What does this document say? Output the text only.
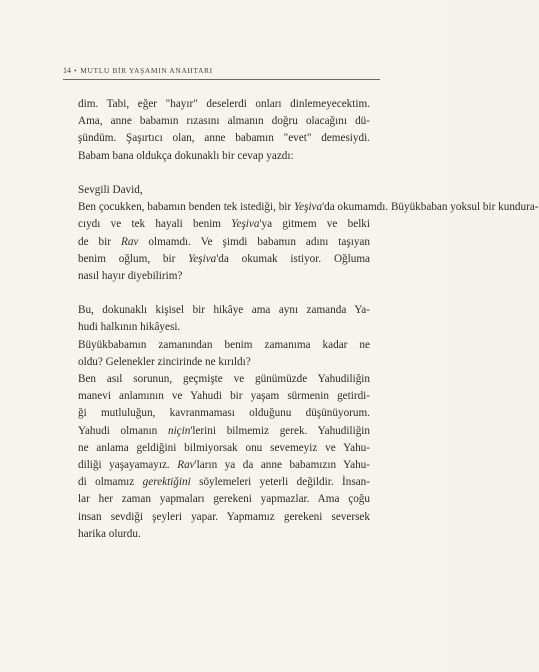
14 • MUTLU BİR YAŞAMIN ANAHTARI
dim. Tabi, eğer "hayır" deselerdi onları dinlemeyecektim.
Ama, anne babamın rızasını almanın doğru olacağını dü-
şündüm. Şaşırtıcı olan, anne babamın "evet" demesiydi.
Babam bana oldukça dokunaklı bir cevap yazdı:
Sevgili David,
Ben çocukken, babamın benden tek istediği, bir Yeşiva'da okumamdı. Büyükbaban yoksul bir kundura-
cıydı ve tek hayali benim Yeşiva'ya gitmem ve belki
de bir Rav olmamdı. Ve şimdi babamın adını taşıyan
benim oğlum, bir Yeşiva'da okumak istiyor. Oğluma
nasıl hayır diyebilirim?
Bu, dokunaklı kişisel bir hikâye ama aynı zamanda Ya-
hudi halkının hikâyesi.
Büyükbabamın zamanından benim zamanıma kadar ne
oldu? Gelenekler zincirinde ne kırıldı?
Ben asıl sorunun, geçmişte ve günümüzde Yahudiliğin
manevi anlamının ve Yahudi bir yaşam sürmenin getirdi-
ği mutluluğun, kavranmaması olduğunu düşünüyorum.
Yahudi olmanın niçin'lerini bilmemiz gerek. Yahudiliğin
ne anlama geldiğini bilmiyorsak onu sevemeyiz ve Yahu-
diliği yaşayamayız. Rav'ların ya da anne babamızın Yahu-
di olmamız gerektiğini söylemeleri yeterli değildir. İnsan-
lar her zaman yapmaları gerekeni yapmazlar. Ama çoğu
insan sevdiği şeyleri yapar. Yapmamız gerekeni seversek
harika olurdu.
